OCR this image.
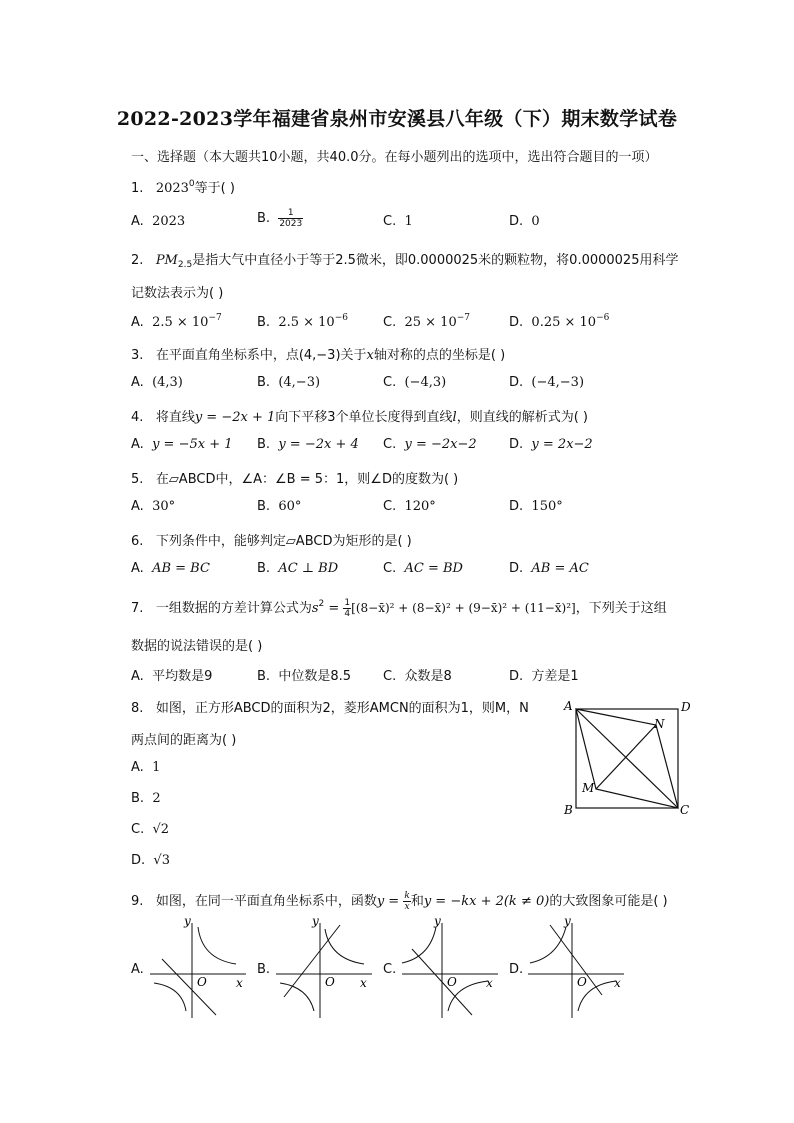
2022-2023学年福建省泉州市安溪县八年级（下）期末数学试卷
一、选择题（本大题共10小题，共40.0分。在每小题列出的选项中，选出符合题目的一项）
1. 2023$^0$等于( )
A.  2023	B. $\frac{1}{2023}$	C.  1	D.  0
2. $PM_{2.5}$是指大气中直径小于等于2.5微米，即0.0000025米的颗粒物，将0.0000025用科学
记数法表示为( )
A.  $2.5 \times 10^{-7}$	B.  $2.5 \times 10^{-6}$	C.  $25 \times 10^{-7}$	D.  $0.25 \times 10^{-6}$
3. 在平面直角坐标系中，点(4,−3)关于x轴对称的点的坐标是( )
A.  (4,3)	B.  (4,−3)	C.  (−4,3)	D.  (−4,−3)
4. 将直线y = −2x + 1向下平移3个单位长度得到直线l，则直线的解析式为( )
A.  y = −5x + 1 B.  y = −2x + 4 C.  y = −2x−2 D.  y = 2x−2
5. 在▱ABCD中，∠A：∠B = 5：1，则∠D的度数为( )
A.  30°	B.  60°	C.  120°	D.  150°
6. 下列条件中，能够判定▱ABCD为矩形的是( )
A.  AB = BC	B.  AC ⊥ BD	C.  AC = BD	D.  AB = AC
7. 一组数据的方差计算公式为$s^2 = \frac{1}{4}$ [(8−x̄)² + (8−x̄)² + (9−x̄)² + (11−x̄)²]，下列关于这组
数据的说法错误的是( )
A.  平均数是9	B.  中位数是8.5 C.  众数是8	D.  方差是1
8. 如图，正方形ABCD的面积为2，菱形AMCN的面积为1，则M，N
两点间的距离为( )
A.  1
B.  2
C.  √2
D.  √3
A	D
B	C
M
N
9. 如图，在同一平面直角坐标系中，函数$y = \frac{k}{x}$ 和y = −kx + 2(k ≠ 0)的大致图象可能是( )
A.
y
O x
B.
y
O x
C.
y
O x
D.
y
O x
